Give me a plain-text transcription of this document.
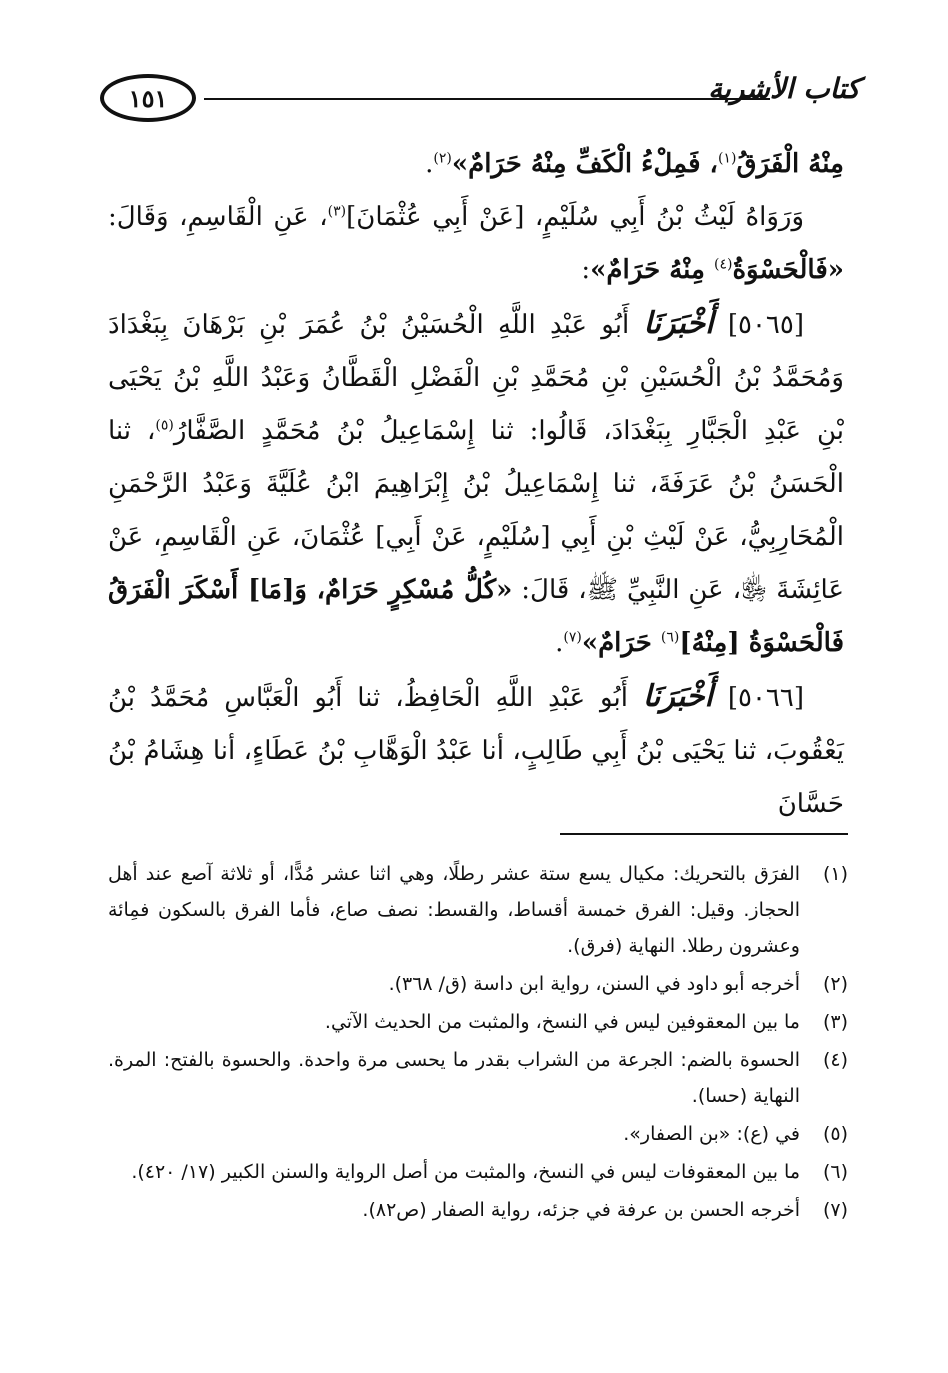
كتاب الأشربة
١٥١

مِنْهُ الْفَرَقُ$^{(١)}$، فَمِلْءُ الْكَفِّ مِنْهُ حَرَامٌ»$^{(٢)}$.

وَرَوَاهُ لَيْثُ بْنُ أَبِي سُلَيْمٍ، [عَنْ أَبِي عُثْمَانَ]$^{(٣)}$، عَنِ الْقَاسِمِ، وَقَالَ: «فَالْحَسْوَةُ$^{(٤)}$ مِنْهُ حَرَامٌ»:

[٥٠٦٥] أَخْبَرَنَا أَبُو عَبْدِ اللَّهِ الْحُسَيْنُ بْنُ عُمَرَ بْنِ بَرْهَانَ بِبَغْدَادَ وَمُحَمَّدُ بْنُ الْحُسَيْنِ بْنِ مُحَمَّدِ بْنِ الْفَضْلِ الْقَطَّانُ وَعَبْدُ اللَّهِ بْنُ يَحْيَى بْنِ عَبْدِ الْجَبَّارِ بِبَغْدَادَ، قَالُوا: ثنا إِسْمَاعِيلُ بْنُ مُحَمَّدٍ الصَّفَّارُ$^{(٥)}$، ثنا الْحَسَنُ بْنُ عَرَفَةَ، ثنا إِسْمَاعِيلُ بْنُ إِبْرَاهِيمَ ابْنُ عُلَيَّةَ وَعَبْدُ الرَّحْمَنِ الْمُحَارِبِيُّ، عَنْ لَيْثِ بْنِ أَبِي [سُلَيْمٍ، عَنْ أَبِي] عُثْمَانَ، عَنِ الْقَاسِمِ، عَنْ عَائِشَةَ ﵂، عَنِ النَّبِيِّ ﷺ، قَالَ: «كُلُّ مُسْكِرٍ حَرَامٌ، وَ[مَا] أَسْكَرَ الْفَرَقُ فَالْحَسْوَةُ [مِنْهُ]$^{(٦)}$ حَرَامٌ»$^{(٧)}$.

[٥٠٦٦] أَخْبَرَنَا أَبُو عَبْدِ اللَّهِ الْحَافِظُ، ثنا أَبُو الْعَبَّاسِ مُحَمَّدُ بْنُ يَعْقُوبَ، ثنا يَحْيَى بْنُ أَبِي طَالِبٍ، أنا عَبْدُ الْوَهَّابِ بْنُ عَطَاءٍ، أنا هِشَامُ بْنُ حَسَّانَ

(١)
الفرَق بالتحريك: مكيال يسع ستة عشر رطلًا، وهي اثنا عشر مُدًّا، أو ثلاثة آصع عند أهل الحجاز. وقيل: الفرق خمسة أقساط، والقسط: نصف صاع، فأما الفرق بالسكون فمِائة وعشرون رطلا. النهاية (فرق).
(٢)
أخرجه أبو داود في السنن، رواية ابن داسة (ق/ ٣٦٨).
(٣)
ما بين المعقوفين ليس في النسخ، والمثبت من الحديث الآتي.
(٤)
الحسوة بالضم: الجرعة من الشراب بقدر ما يحسى مرة واحدة. والحسوة بالفتح: المرة. النهاية (حسا).
(٥)
في (ع): «بن الصفار».
(٦)
ما بين المعقوفات ليس في النسخ، والمثبت من أصل الرواية والسنن الكبير (١٧/ ٤٢٠).
(٧)
أخرجه الحسن بن عرفة في جزئه، رواية الصفار (ص٨٢).
